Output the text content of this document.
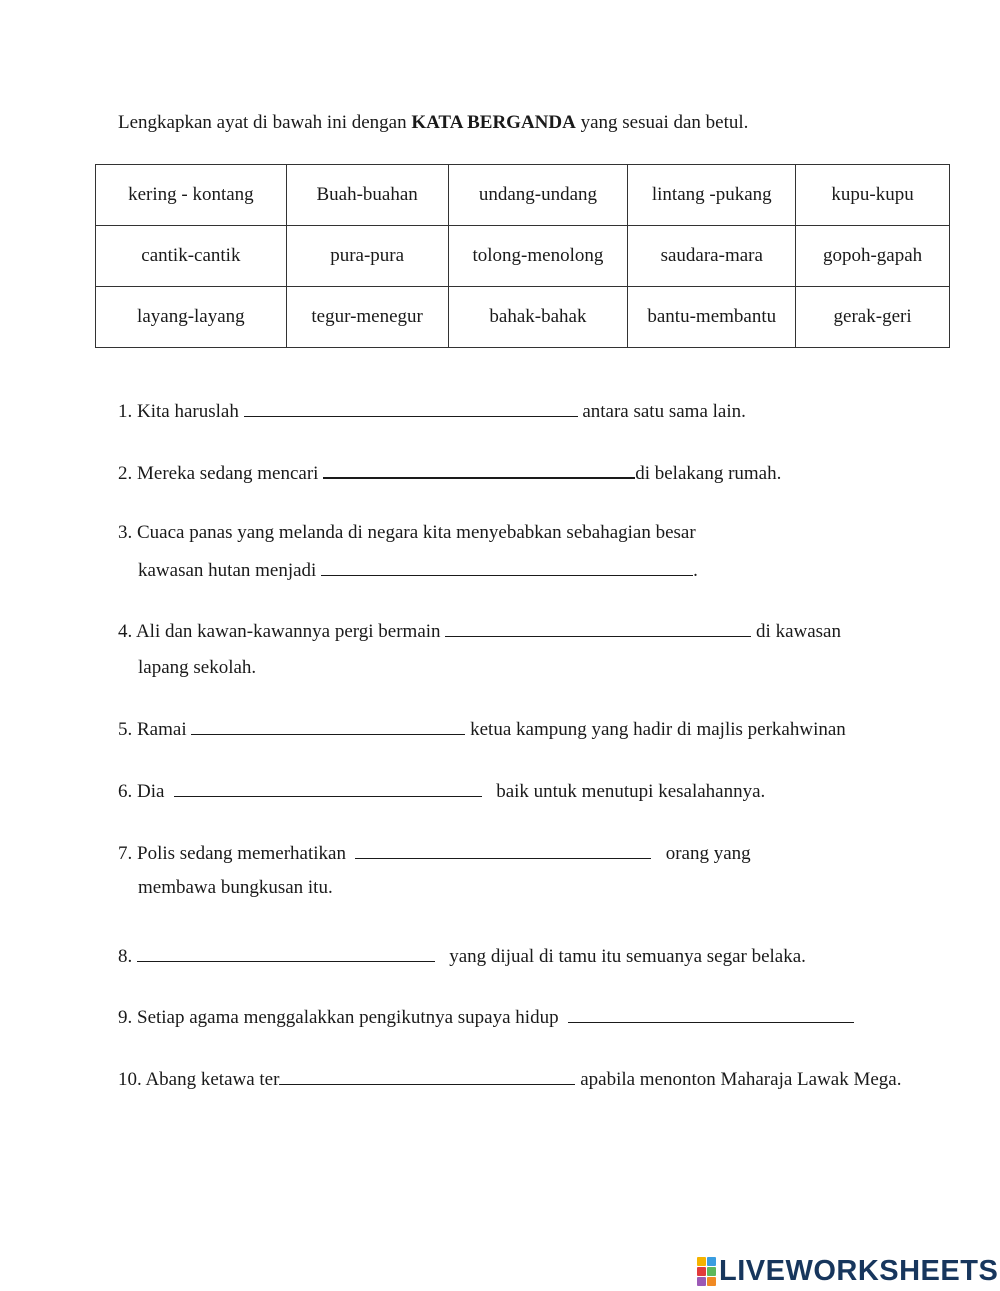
Lengkapkan ayat di bawah ini dengan KATA BERGANDA yang sesuai dan betul.
kering - kontang	Buah-buahan	undang-undang	lintang -pukang	kupu-kupu
cantik-cantik	pura-pura	tolong-menolong	saudara-mara	gopoh-gapah
layang-layang	tegur-menegur	bahak-bahak	bantu-membantu	gerak-geri
1. Kita haruslah	antara satu sama lain.
2. Mereka sedang mencari	di belakang rumah.
3. Cuaca panas yang melanda di negara kita menyebabkan sebahagian besar
kawasan hutan menjadi	.
4. Ali dan kawan-kawannya pergi bermain	di kawasan
lapang sekolah.
5. Ramai	ketua kampung yang hadir di majlis perkahwinan
6. Dia	baik untuk menutupi kesalahannya.
7. Polis sedang memerhatikan	orang yang
membawa bungkusan itu.
8.	yang dijual di tamu itu semuanya segar belaka.
9. Setiap agama menggalakkan pengikutnya supaya hidup
10. Abang ketawa ter	apabila menonton Maharaja Lawak Mega.
LIVEWORKSHEETS
